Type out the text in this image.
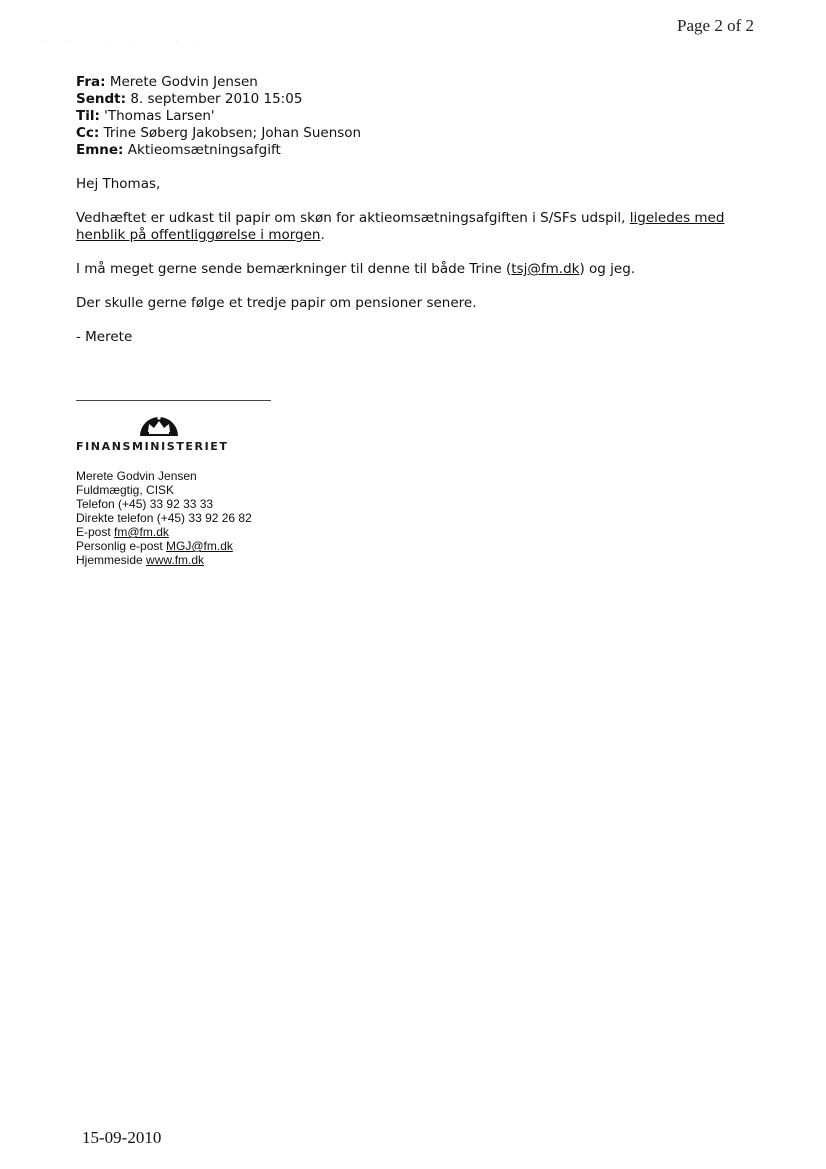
Page 2 of 2
·· ·· ··
Fra: Merete Godvin Jensen
Sendt: 8. september 2010 15:05
Til: 'Thomas Larsen'
Cc: Trine Søberg Jakobsen; Johan Suenson
Emne: Aktieomsætningsafgift

Hej Thomas,

Vedhæftet er udkast til papir om skøn for aktieomsætningsafgiften i S/SFs udspil, ligeledes med henblik på offentliggørelse i morgen.

I må meget gerne sende bemærkninger til denne til både Trine (tsj@fm.dk) og jeg.

Der skulle gerne følge et tredje papir om pensioner senere.

- Merete

FINANSMINISTERIET
Merete Godvin Jensen
Fuldmægtig, CISK
Telefon (+45) 33 92 33 33
Direkte telefon (+45) 33 92 26 82
E-post fm@fm.dk
Personlig e-post MGJ@fm.dk
Hjemmeside www.fm.dk
15-09-2010
